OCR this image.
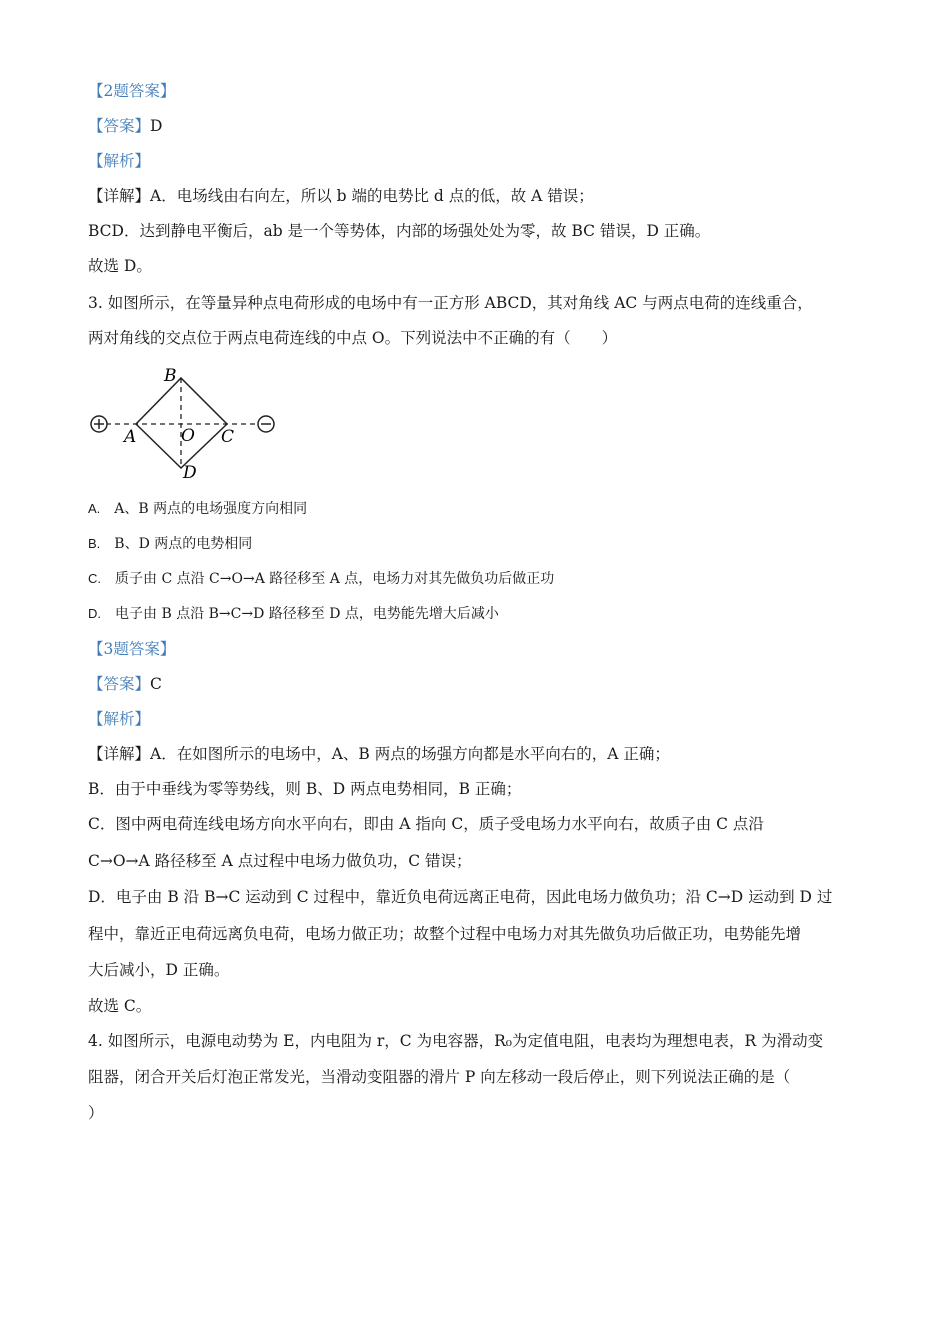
【2题答案】
【答案】D
【解析】
【详解】A．电场线由右向左，所以 b 端的电势比 d 点的低，故 A 错误；
BCD．达到静电平衡后，ab 是一个等势体，内部的场强处处为零，故 BC 错误，D 正确。
故选 D。
3. 如图所示，在等量异种点电荷形成的电场中有一正方形 ABCD，其对角线 AC 与两点电荷的连线重合，
两对角线的交点位于两点电荷连线的中点 O。下列说法中不正确的有（　　）
B
A	O C
D
A. A、B 两点的电场强度方向相同
B. B、D 两点的电势相同
C. 质子由 C 点沿 C→O→A 路径移至 A 点，电场力对其先做负功后做正功
D. 电子由 B 点沿 B→C→D 路径移至 D 点，电势能先增大后减小
【3题答案】
【答案】C
【解析】
【详解】A．在如图所示的电场中，A、B 两点的场强方向都是水平向右的，A 正确；
B．由于中垂线为零等势线，则 B、D 两点电势相同，B 正确；
C．图中两电荷连线电场方向水平向右，即由 A 指向 C，质子受电场力水平向右，故质子由 C 点沿
C→O→A 路径移至 A 点过程中电场力做负功，C 错误；
D．电子由 B 沿 B→C 运动到 C 过程中，靠近负电荷远离正电荷，因此电场力做负功；沿 C→D 运动到 D 过
程中，靠近正电荷远离负电荷，电场力做正功；故整个过程中电场力对其先做负功后做正功，电势能先增
大后减小，D 正确。
故选 C。
4. 如图所示，电源电动势为 E，内电阻为 r，C 为电容器，R₀为定值电阻，电表均为理想电表，R 为滑动变
阻器，闭合开关后灯泡正常发光，当滑动变阻器的滑片 P 向左移动一段后停止，则下列说法正确的是（
）
